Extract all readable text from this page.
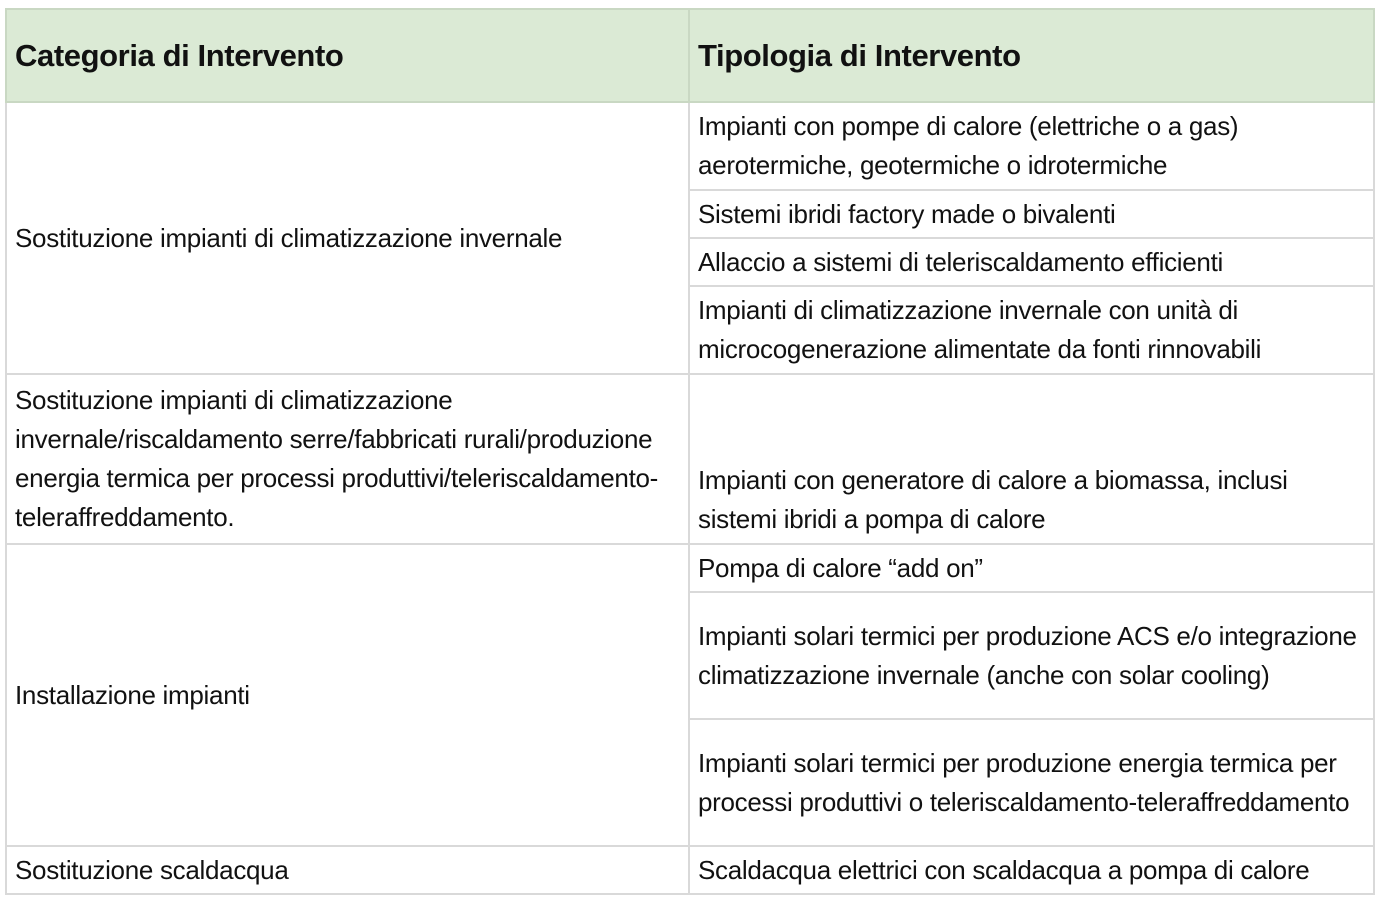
Categoria di Intervento	Tipologia di Intervento
Sostituzione impianti di climatizzazione invernale	Impianti con pompe di calore (elettriche o a gas) aerotermiche, geotermiche o idrotermiche
	Sistemi ibridi factory made o bivalenti
	Allaccio a sistemi di teleriscaldamento efficienti
	Impianti di climatizzazione invernale con unità di microcogenerazione alimentate da fonti rinnovabili
Sostituzione impianti di climatizzazione invernale/riscaldamento serre/fabbricati rurali/produzione energia termica per processi produttivi/teleriscaldamento-teleraffreddamento.	Impianti con generatore di calore a biomassa, inclusi sistemi ibridi a pompa di calore
Installazione impianti	Pompa di calore “add on”
	Impianti solari termici per produzione ACS e/o integrazione climatizzazione invernale (anche con solar cooling)
	Impianti solari termici per produzione energia termica per processi produttivi o teleriscaldamento-teleraffreddamento
Sostituzione scaldacqua	Scaldacqua elettrici con scaldacqua a pompa di calore
